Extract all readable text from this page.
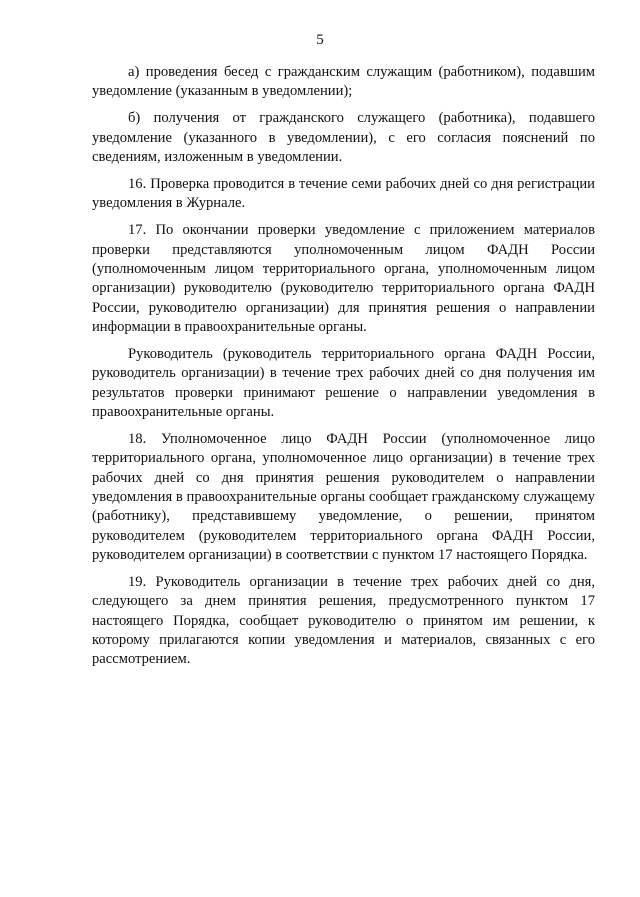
5

а) проведения бесед с гражданским служащим (работником), подавшим уведомление (указанным в уведомлении);

б) получения от гражданского служащего (работника), подавшего уведомление (указанного в уведомлении), с его согласия пояснений по сведениям, изложенным в уведомлении.

16. Проверка проводится в течение семи рабочих дней со дня регистрации уведомления в Журнале.

17. По окончании проверки уведомление с приложением материалов проверки представляются уполномоченным лицом ФАДН России (уполномоченным лицом территориального органа, уполномоченным лицом организации) руководителю (руководителю территориального органа ФАДН России, руководителю организации) для принятия решения о направлении информации в правоохранительные органы.

Руководитель (руководитель территориального органа ФАДН России, руководитель организации) в течение трех рабочих дней со дня получения им результатов проверки принимают решение о направлении уведомления в правоохранительные органы.

18. Уполномоченное лицо ФАДН России (уполномоченное лицо территориального органа, уполномоченное лицо организации) в течение трех рабочих дней со дня принятия решения руководителем о направлении уведомления в правоохранительные органы сообщает гражданскому служащему (работнику), представившему уведомление, о решении, принятом руководителем (руководителем территориального органа ФАДН России, руководителем организации) в соответствии с пунктом 17 настоящего Порядка.

19. Руководитель организации в течение трех рабочих дней со дня, следующего за днем принятия решения, предусмотренного пунктом 17 настоящего Порядка, сообщает руководителю о принятом им решении, к которому прилагаются копии уведомления и материалов, связанных с его рассмотрением.
